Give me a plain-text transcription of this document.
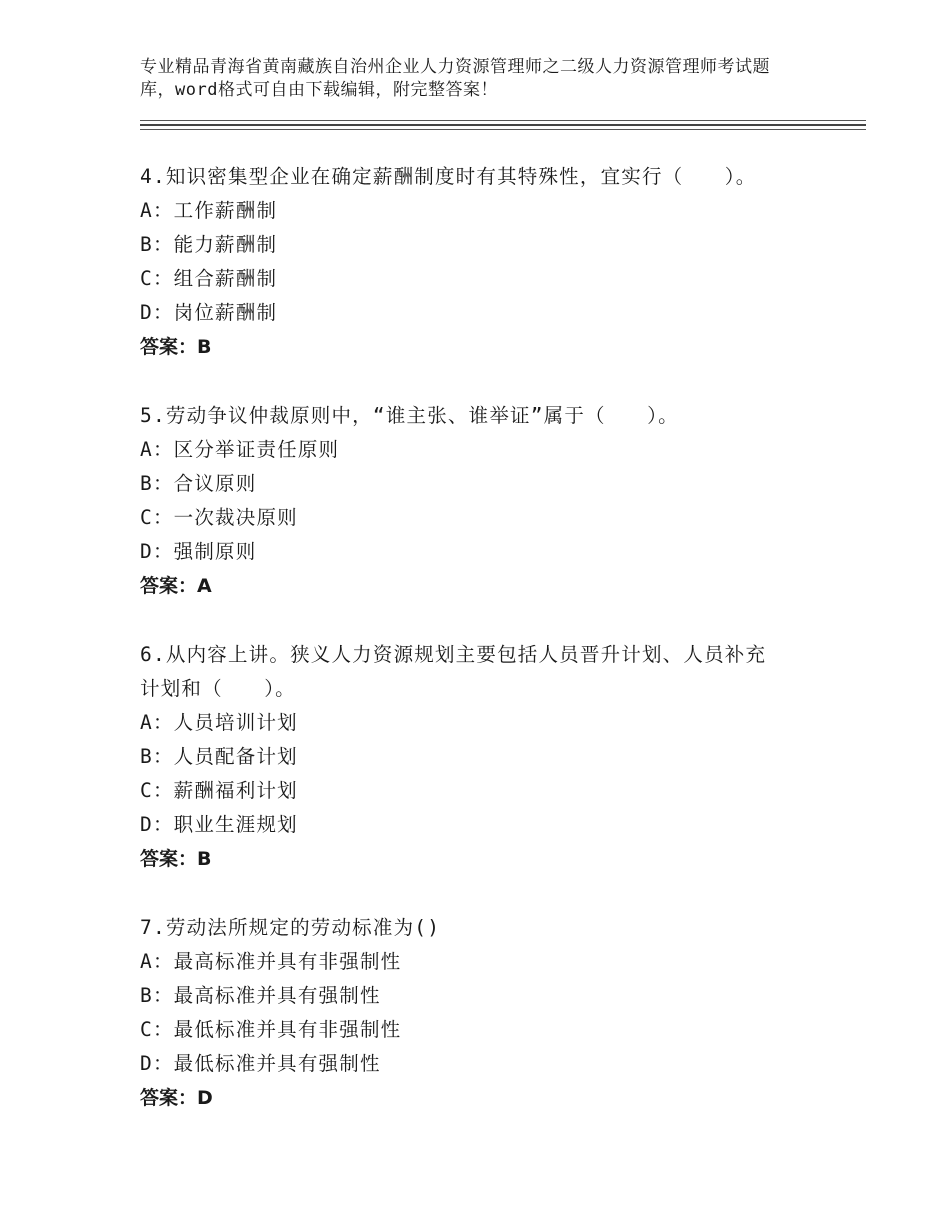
专业精品青海省黄南藏族自治州企业人力资源管理师之二级人力资源管理师考试题
库，word格式可自由下载编辑，附完整答案！

4.知识密集型企业在确定薪酬制度时有其特殊性，宜实行（　　）。

A：工作薪酬制

B：能力薪酬制

C：组合薪酬制

D：岗位薪酬制

答案：B

5.劳动争议仲裁原则中，“谁主张、谁举证”属于（　　）。

A：区分举证责任原则

B：合议原则

C：一次裁决原则

D：强制原则

答案：A

6.从内容上讲。狭义人力资源规划主要包括人员晋升计划、人员补充

计划和（　　）。

A：人员培训计划

B：人员配备计划

C：薪酬福利计划

D：职业生涯规划

答案：B

7.劳动法所规定的劳动标准为()

A：最高标准并具有非强制性

B：最高标准并具有强制性

C：最低标准并具有非强制性

D：最低标准并具有强制性

答案：D
